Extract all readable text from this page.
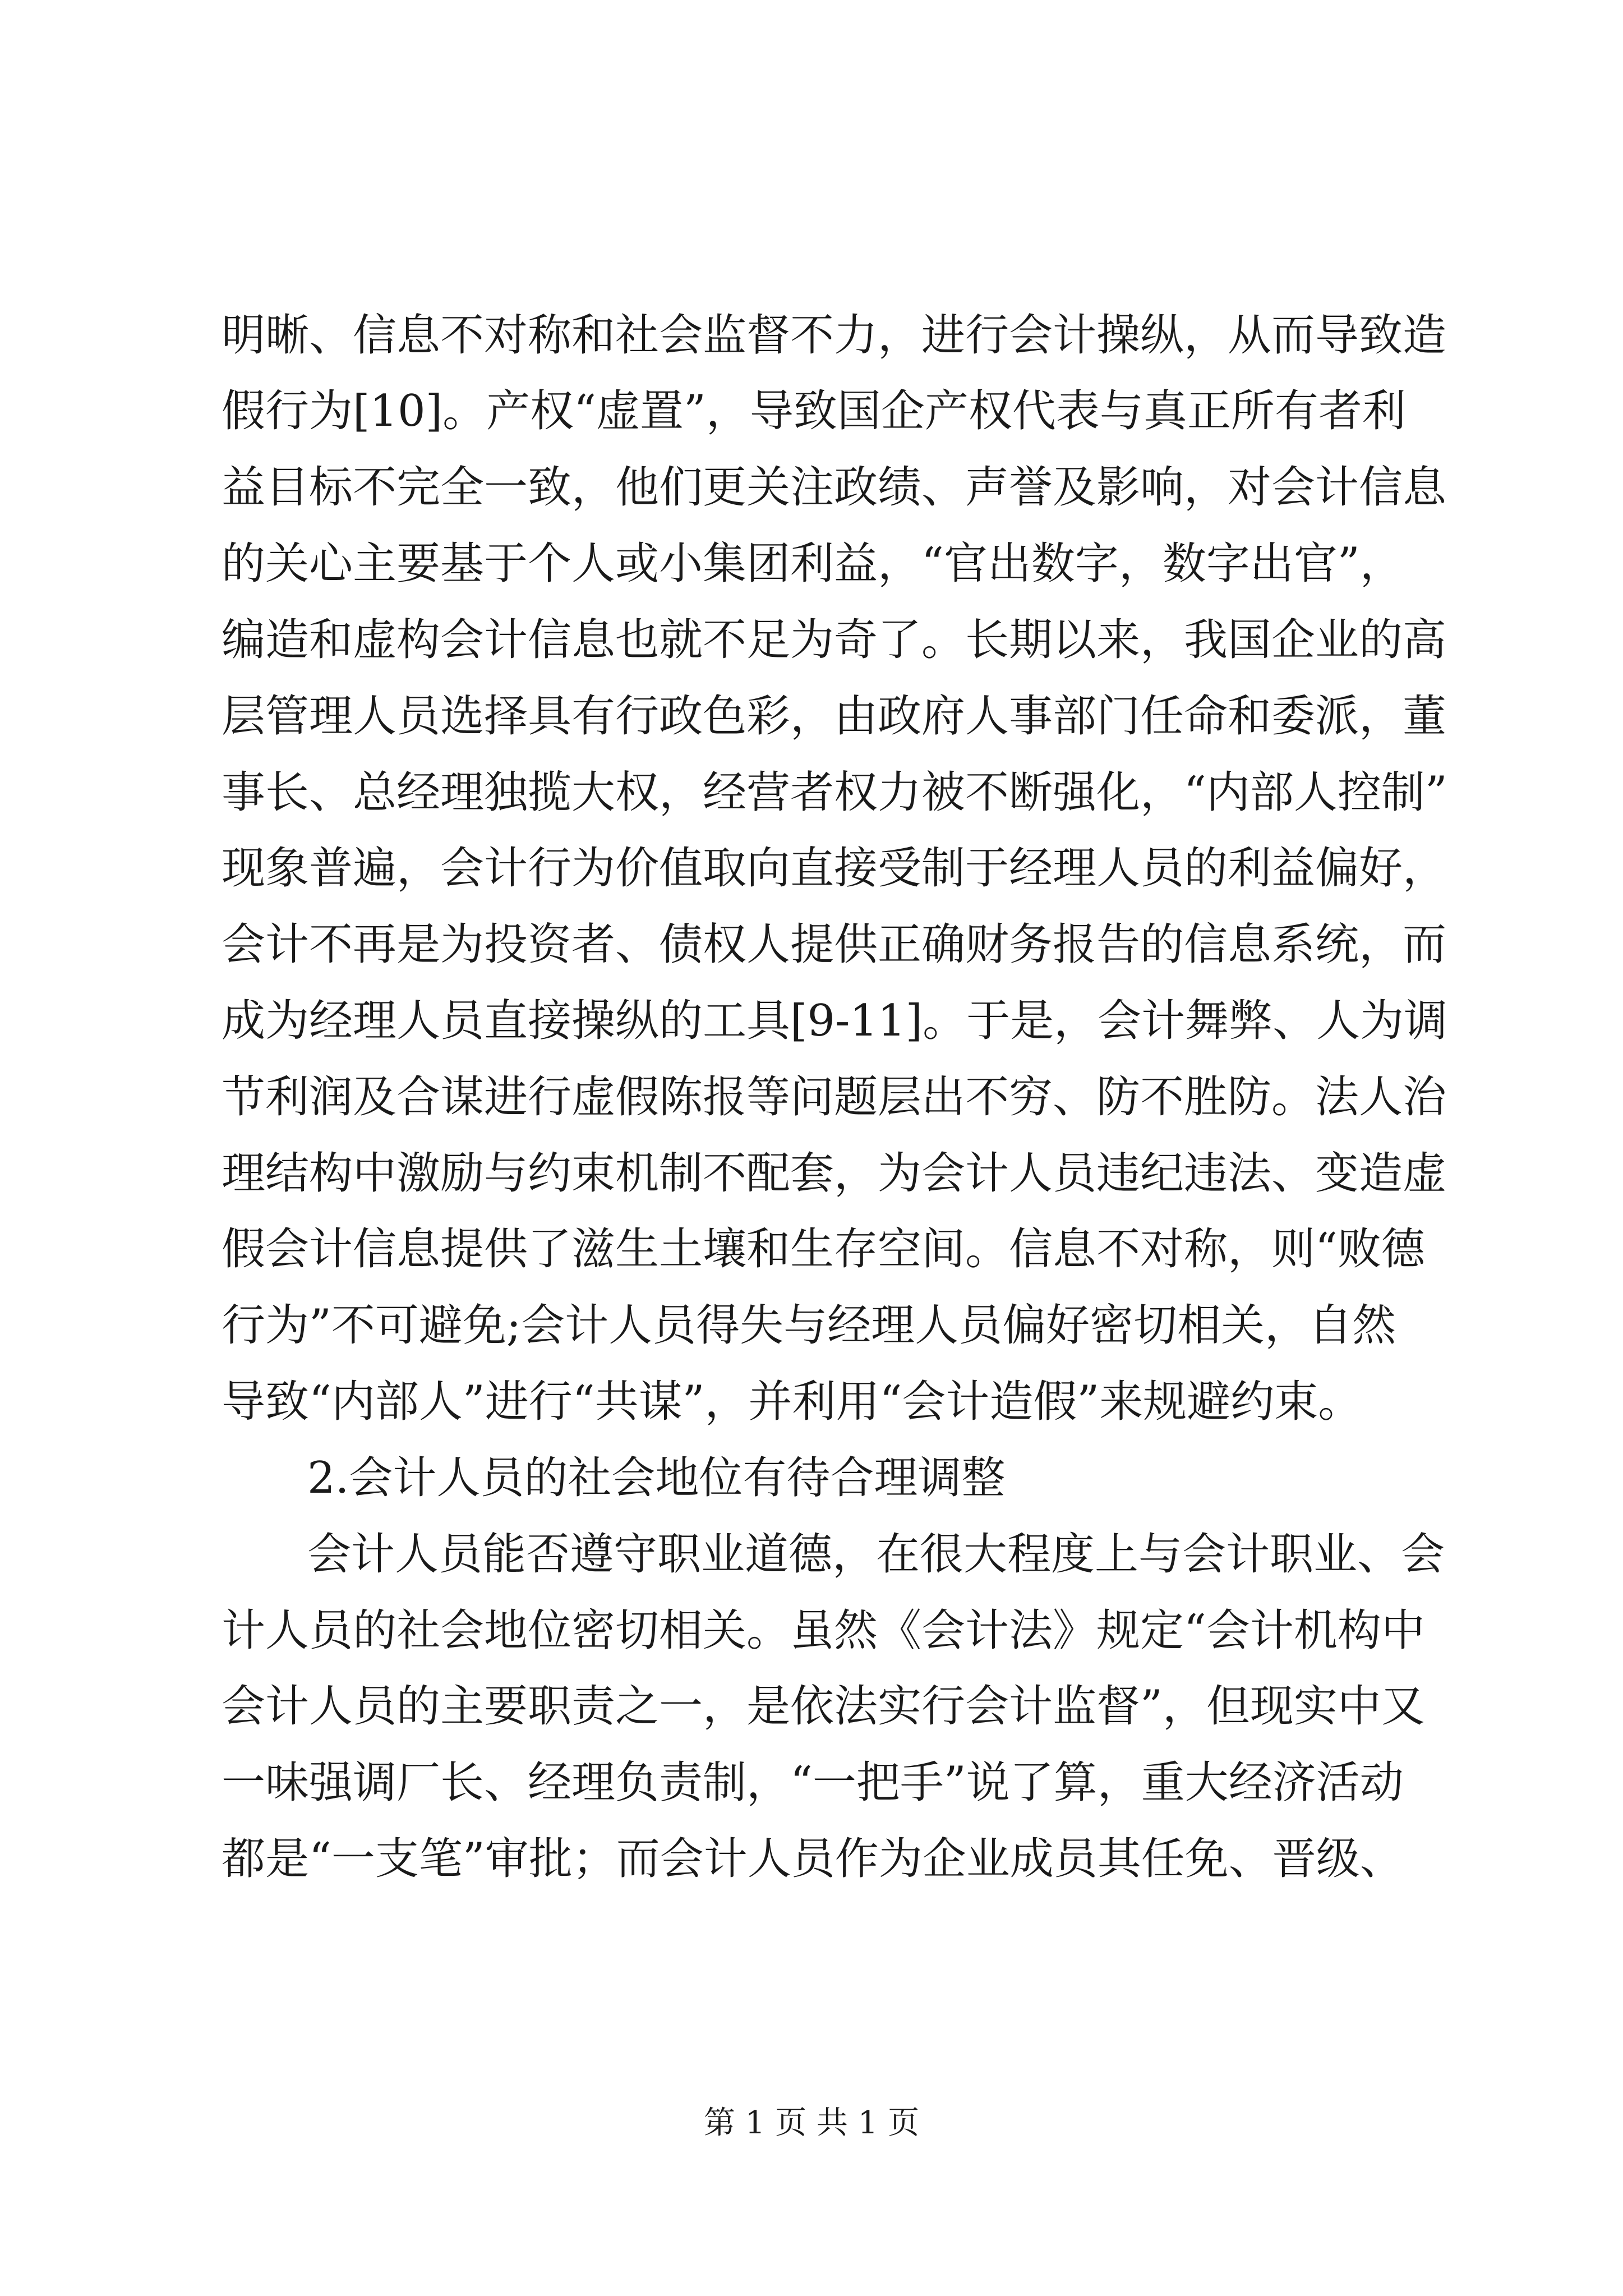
明晰、信息不对称和社会监督不力，进行会计操纵，从而导致造

假行为[10]。产权“虚置”，导致国企产权代表与真正所有者利

益目标不完全一致，他们更关注政绩、声誉及影响，对会计信息

的关心主要基于个人或小集团利益，“官出数字，数字出官”，

编造和虚构会计信息也就不足为奇了。长期以来，我国企业的高

层管理人员选择具有行政色彩，由政府人事部门任命和委派，董

事长、总经理独揽大权，经营者权力被不断强化，“内部人控制”

现象普遍，会计行为价值取向直接受制于经理人员的利益偏好，

会计不再是为投资者、债权人提供正确财务报告的信息系统，而

成为经理人员直接操纵的工具[9-11]。于是，会计舞弊、人为调

节利润及合谋进行虚假陈报等问题层出不穷、防不胜防。法人治

理结构中激励与约束机制不配套，为会计人员违纪违法、变造虚

假会计信息提供了滋生土壤和生存空间。信息不对称，则“败德

行为”不可避免;会计人员得失与经理人员偏好密切相关，自然

导致“内部人”进行“共谋”，并利用“会计造假”来规避约束。

2.会计人员的社会地位有待合理调整

会计人员能否遵守职业道德，在很大程度上与会计职业、会

计人员的社会地位密切相关。虽然《会计法》规定“会计机构中

会计人员的主要职责之一，是依法实行会计监督”，但现实中又

一味强调厂长、经理负责制，“一把手”说了算，重大经济活动

都是“一支笔”审批；而会计人员作为企业成员其任免、晋级、

第 1 页 共 1 页
